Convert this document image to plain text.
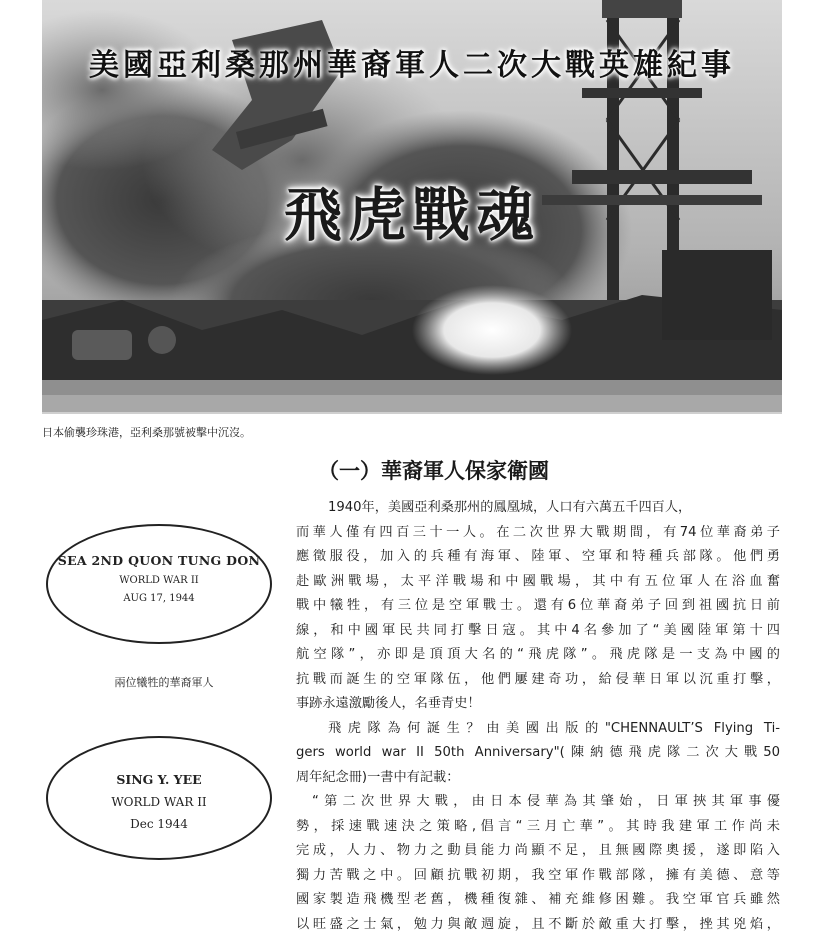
美國亞利桑那州華裔軍人二次大戰英雄紀事
飛虎戰魂
日本偷襲珍珠港，亞利桑那號被擊中沉沒。
（一）華裔軍人保家衛國
SEA 2ND QUON TUNG DON
WORLD WAR II
AUG 17, 1944
兩位犧牲的華裔軍人
SING Y. YEE
WORLD WAR II
Dec 1944
1940年，美國亞利桑那州的鳳凰城，人口有六萬五千四百人，
而華人僅有四百三十一人。在二次世界大戰期間，有74位華裔弟子
應徵服役，加入的兵種有海軍、陸軍、空軍和特種兵部隊。他們勇
赴歐洲戰場，太平洋戰場和中國戰場，其中有五位軍人在浴血奮
戰中犧牲，有三位是空軍戰士。還有6位華裔弟子回到祖國抗日前
線，和中國軍民共同打擊日寇。其中4名參加了“美國陸軍第十四
航空隊”，亦即是頂頂大名的“飛虎隊”。飛虎隊是一支為中國的
抗戰而誕生的空軍隊伍，他們屢建奇功，給侵華日軍以沉重打擊，
事跡永遠激勵後人，名垂青史！
飛虎隊為何誕生？由美國出版的"CHENNAULT’S Flying Ti-
gers world war II 50th Anniversary"(陳納德飛虎隊二次大戰50
周年紀念冊)一書中有記載：
“第二次世界大戰，由日本侵華為其肇始，日軍挾其軍事優
勢，採速戰速決之策略,倡言“三月亡華”。其時我建軍工作尚未
完成，人力、物力之動員能力尚顯不足，且無國際奧援，遂即陷入
獨力苦戰之中。回顧抗戰初期，我空軍作戰部隊，擁有美德、意等
國家製造飛機型老舊，機種復雜、補充維修困難。我空軍官兵雖然
以旺盛之士氣，勉力與敵週旋，且不斷於敵重大打擊，挫其兇焰，
